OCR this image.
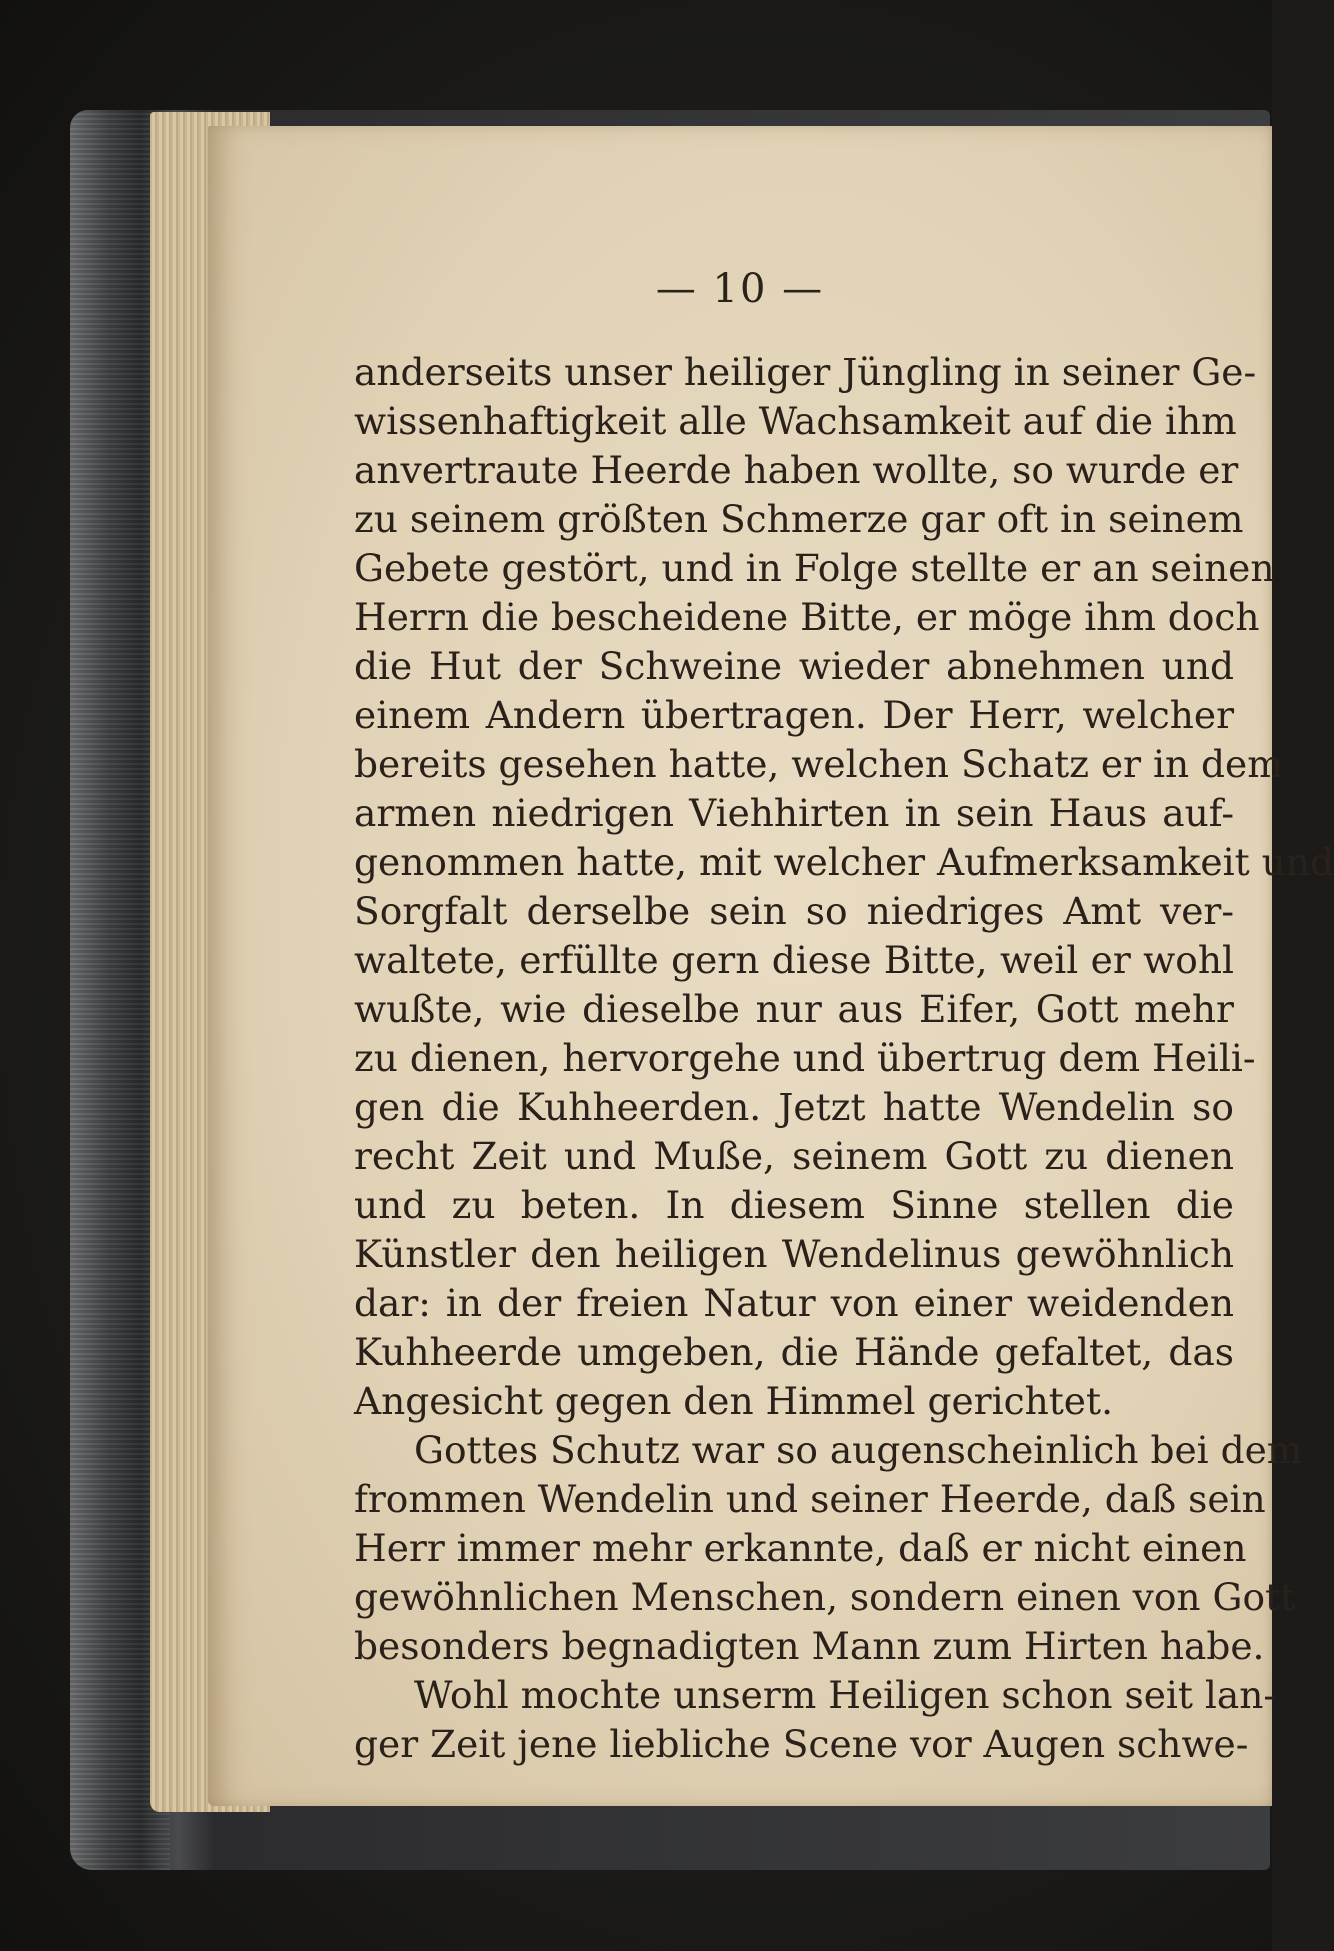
— 10 —
anderseits unser heiliger Jüngling in seiner Ge-
wissenhaftigkeit alle Wachsamkeit auf die ihm
anvertraute Heerde haben wollte, so wurde er
zu seinem größten Schmerze gar oft in seinem
Gebete gestört, und in Folge stellte er an seinen
Herrn die bescheidene Bitte, er möge ihm doch
die Hut der Schweine wieder abnehmen und
einem Andern übertragen. Der Herr, welcher
bereits gesehen hatte, welchen Schatz er in dem
armen niedrigen Viehhirten in sein Haus auf-
genommen hatte, mit welcher Aufmerksamkeit und
Sorgfalt derselbe sein so niedriges Amt ver-
waltete, erfüllte gern diese Bitte, weil er wohl
wußte, wie dieselbe nur aus Eifer, Gott mehr
zu dienen, hervorgehe und übertrug dem Heili-
gen die Kuhheerden. Jetzt hatte Wendelin so
recht Zeit und Muße, seinem Gott zu dienen
und zu beten. In diesem Sinne stellen die
Künstler den heiligen Wendelinus gewöhnlich
dar: in der freien Natur von einer weidenden
Kuhheerde umgeben, die Hände gefaltet, das
Angesicht gegen den Himmel gerichtet.
Gottes Schutz war so augenscheinlich bei dem
frommen Wendelin und seiner Heerde, daß sein
Herr immer mehr erkannte, daß er nicht einen
gewöhnlichen Menschen, sondern einen von Gott
besonders begnadigten Mann zum Hirten habe.
Wohl mochte unserm Heiligen schon seit lan-
ger Zeit jene liebliche Scene vor Augen schwe-
